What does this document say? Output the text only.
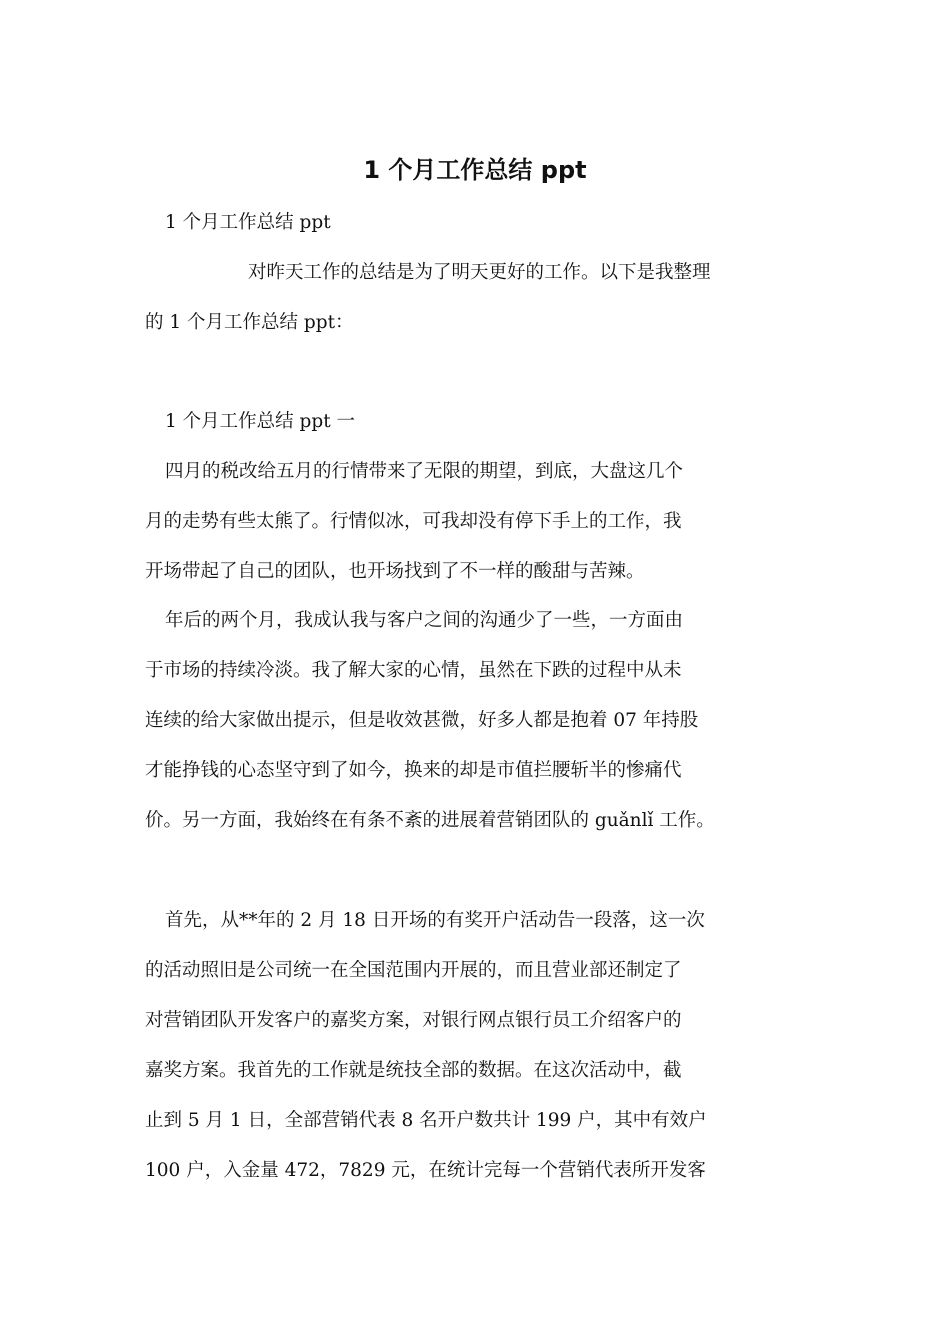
1 个月工作总结 ppt
1 个月工作总结 ppt
对昨天工作的总结是为了明天更好的工作。以下是我整理
的 1 个月工作总结 ppt：
1 个月工作总结 ppt 一
四月的税改给五月的行情带来了无限的期望，到底，大盘这几个
月的走势有些太熊了。行情似冰，可我却没有停下手上的工作，我
开场带起了自己的团队，也开场找到了不一样的酸甜与苦辣。
年后的两个月，我成认我与客户之间的沟通少了一些，一方面由
于市场的持续冷淡。我了解大家的心情，虽然在下跌的过程中从未
连续的给大家做出提示，但是收效甚微，好多人都是抱着 07 年持股
才能挣钱的心态坚守到了如今，换来的却是市值拦腰斩半的惨痛代
价。另一方面，我始终在有条不紊的进展着营销团队的 guǎnlǐ 工作。
首先，从**年的 2 月 18 日开场的有奖开户活动告一段落，这一次
的活动照旧是公司统一在全国范围内开展的，而且营业部还制定了
对营销团队开发客户的嘉奖方案，对银行网点银行员工介绍客户的
嘉奖方案。我首先的工作就是统技全部的数据。在这次活动中，截
止到 5 月 1 日，全部营销代表 8 名开户数共计 199 户，其中有效户
100 户，入金量 472，7829 元，在统计完每一个营销代表所开发客
